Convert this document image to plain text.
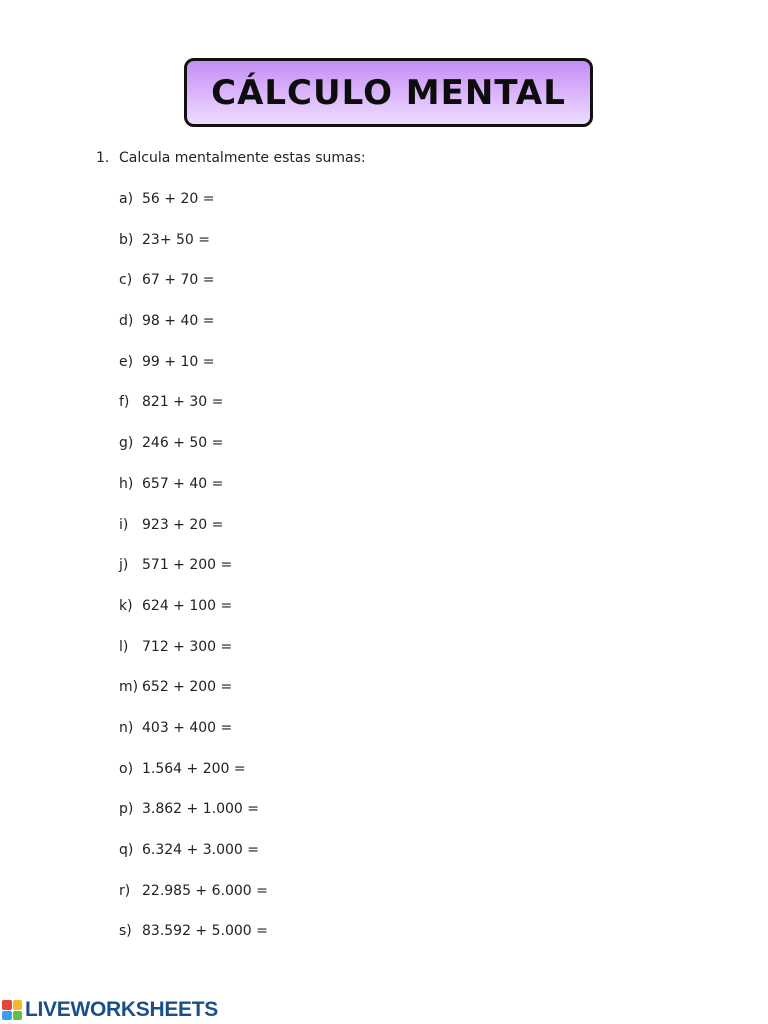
CÁLCULO MENTAL
1. Calcula mentalmente estas sumas:
a) 56 + 20 =
b) 23+ 50 =
c) 67 + 70 =
d) 98 + 40 =
e) 99 + 10 =
f) 821 + 30 =
g) 246 + 50 =
h) 657 + 40 =
i) 923 + 20 =
j) 571 + 200 =
k) 624 + 100 =
l) 712 + 300 =
m) 652 + 200 =
n) 403 + 400 =
o) 1.564 + 200 =
p) 3.862 + 1.000 =
q) 6.324 + 3.000 =
r) 22.985 + 6.000 =
s) 83.592 + 5.000 =
LIVEWORKSHEETS
